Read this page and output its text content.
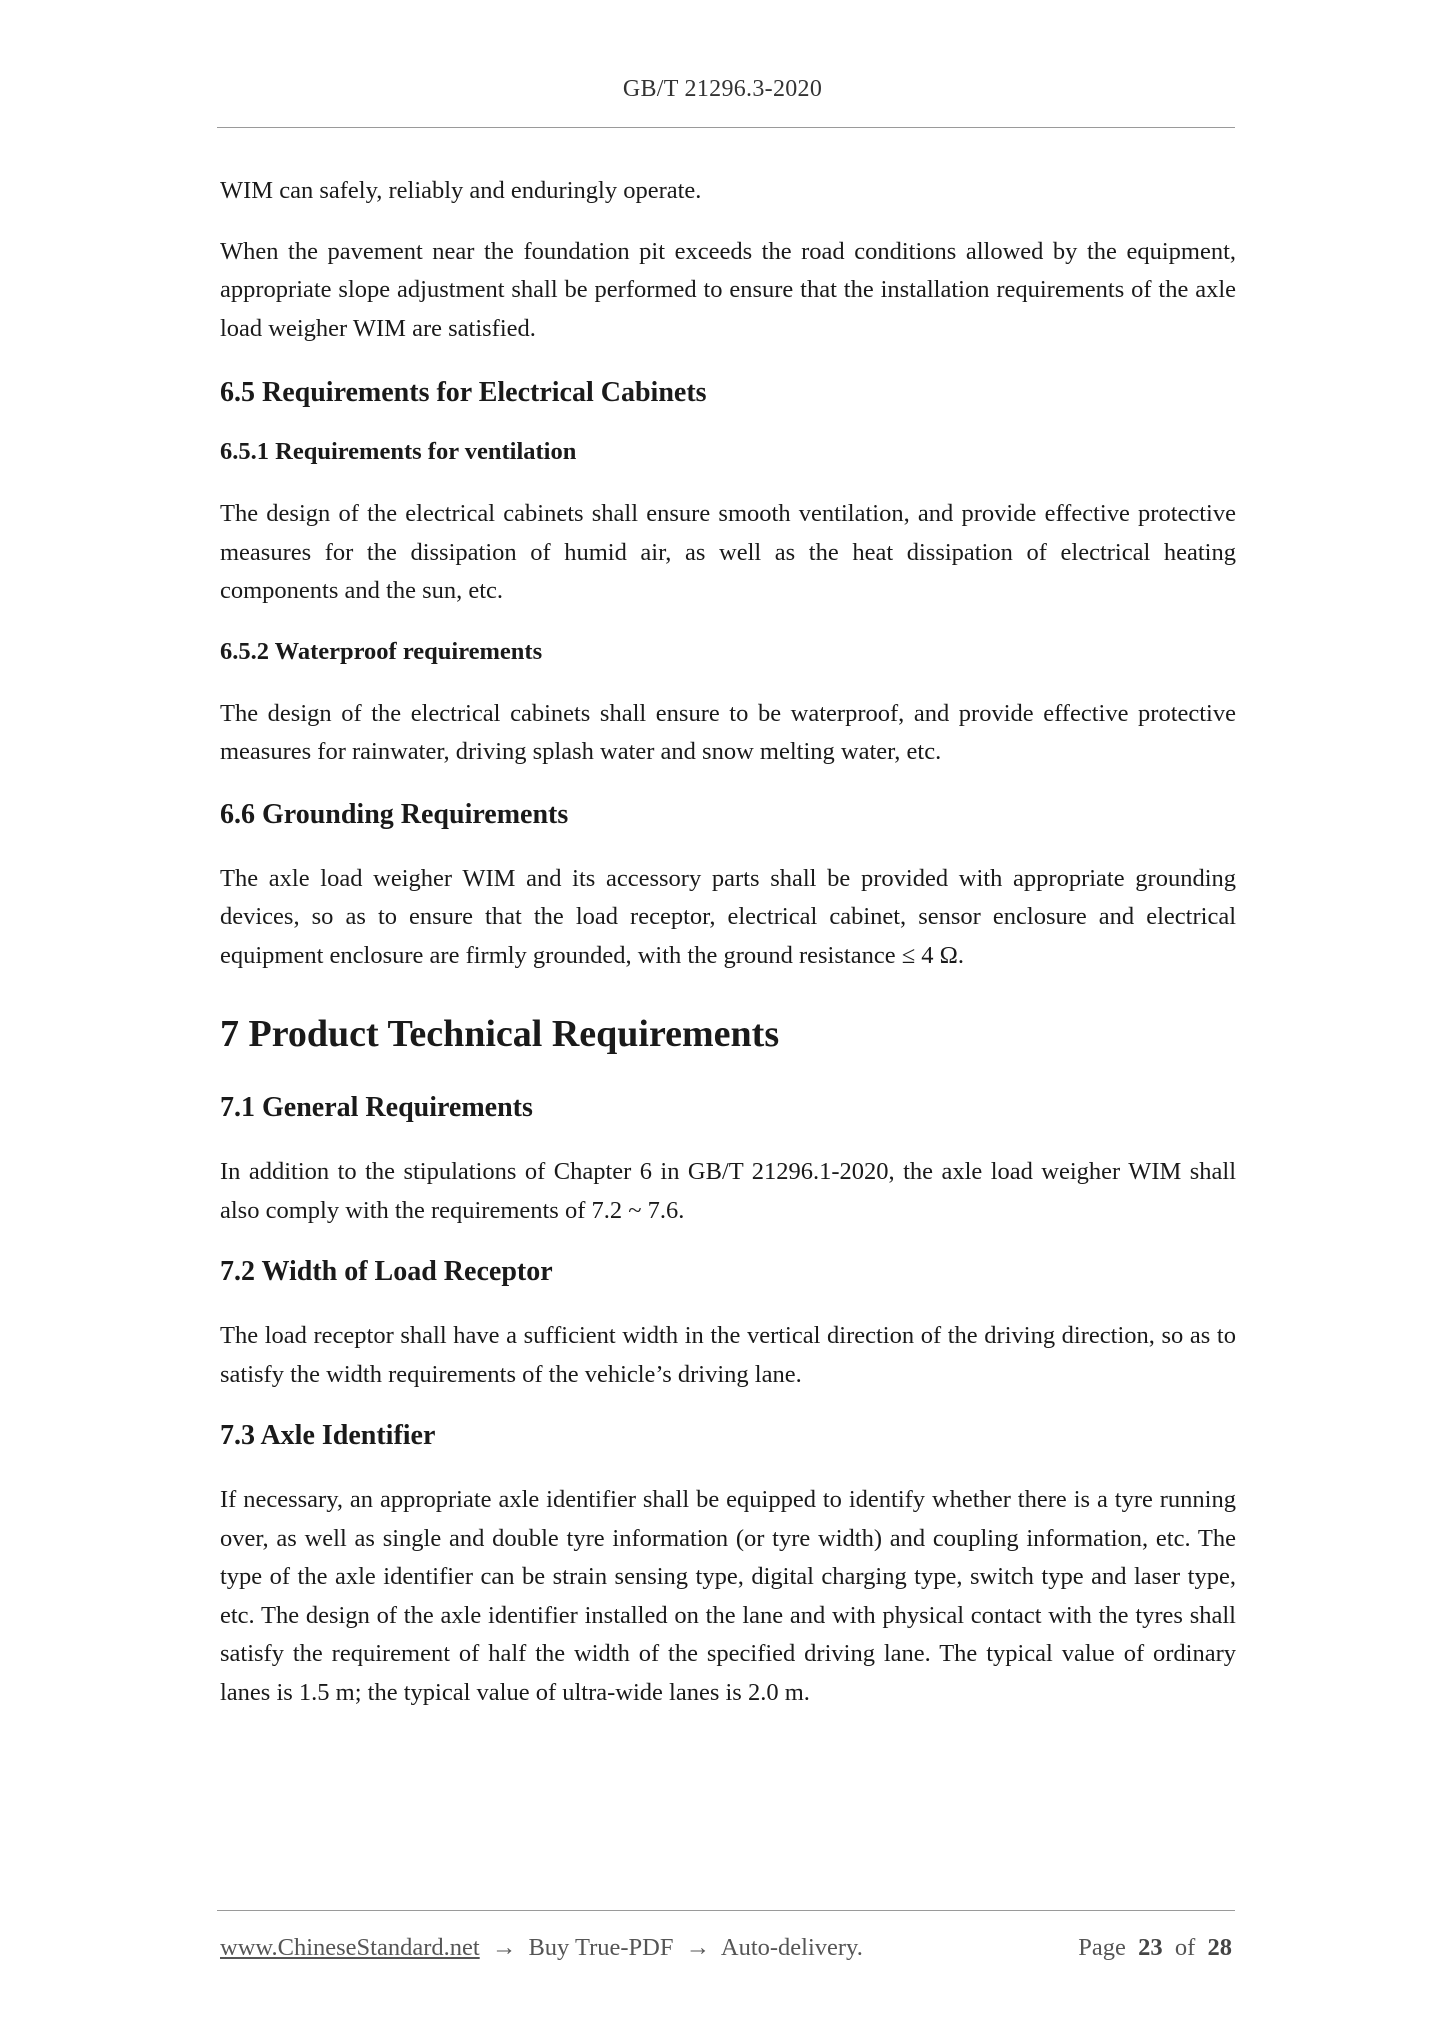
GB/T 21296.3-2020

WIM can safely, reliably and enduringly operate.

When the pavement near the foundation pit exceeds the road conditions allowed by the equipment, appropriate slope adjustment shall be performed to ensure that the installation requirements of the axle load weigher WIM are satisfied.

6.5 Requirements for Electrical Cabinets
6.5.1 Requirements for ventilation

The design of the electrical cabinets shall ensure smooth ventilation, and provide effective protective measures for the dissipation of humid air, as well as the heat dissipation of electrical heating components and the sun, etc.

6.5.2 Waterproof requirements

The design of the electrical cabinets shall ensure to be waterproof, and provide effective protective measures for rainwater, driving splash water and snow melting water, etc.

6.6 Grounding Requirements

The axle load weigher WIM and its accessory parts shall be provided with appropriate grounding devices, so as to ensure that the load receptor, electrical cabinet, sensor enclosure and electrical equipment enclosure are firmly grounded, with the ground resistance ≤ 4 Ω.

7 Product Technical Requirements
7.1 General Requirements

In addition to the stipulations of Chapter 6 in GB/T 21296.1-2020, the axle load weigher WIM shall also comply with the requirements of 7.2 ~ 7.6.

7.2 Width of Load Receptor

The load receptor shall have a sufficient width in the vertical direction of the driving direction, so as to satisfy the width requirements of the vehicle’s driving lane.

7.3 Axle Identifier

If necessary, an appropriate axle identifier shall be equipped to identify whether there is a tyre running over, as well as single and double tyre information (or tyre width) and coupling information, etc. The type of the axle identifier can be strain sensing type, digital charging type, switch type and laser type, etc. The design of the axle identifier installed on the lane and with physical contact with the tyres shall satisfy the requirement of half the width of the specified driving lane. The typical value of ordinary lanes is 1.5 m; the typical value of ultra-wide lanes is 2.0 m.

www.ChineseStandard.net → Buy True-PDF → Auto-delivery.	Page 23 of 28
